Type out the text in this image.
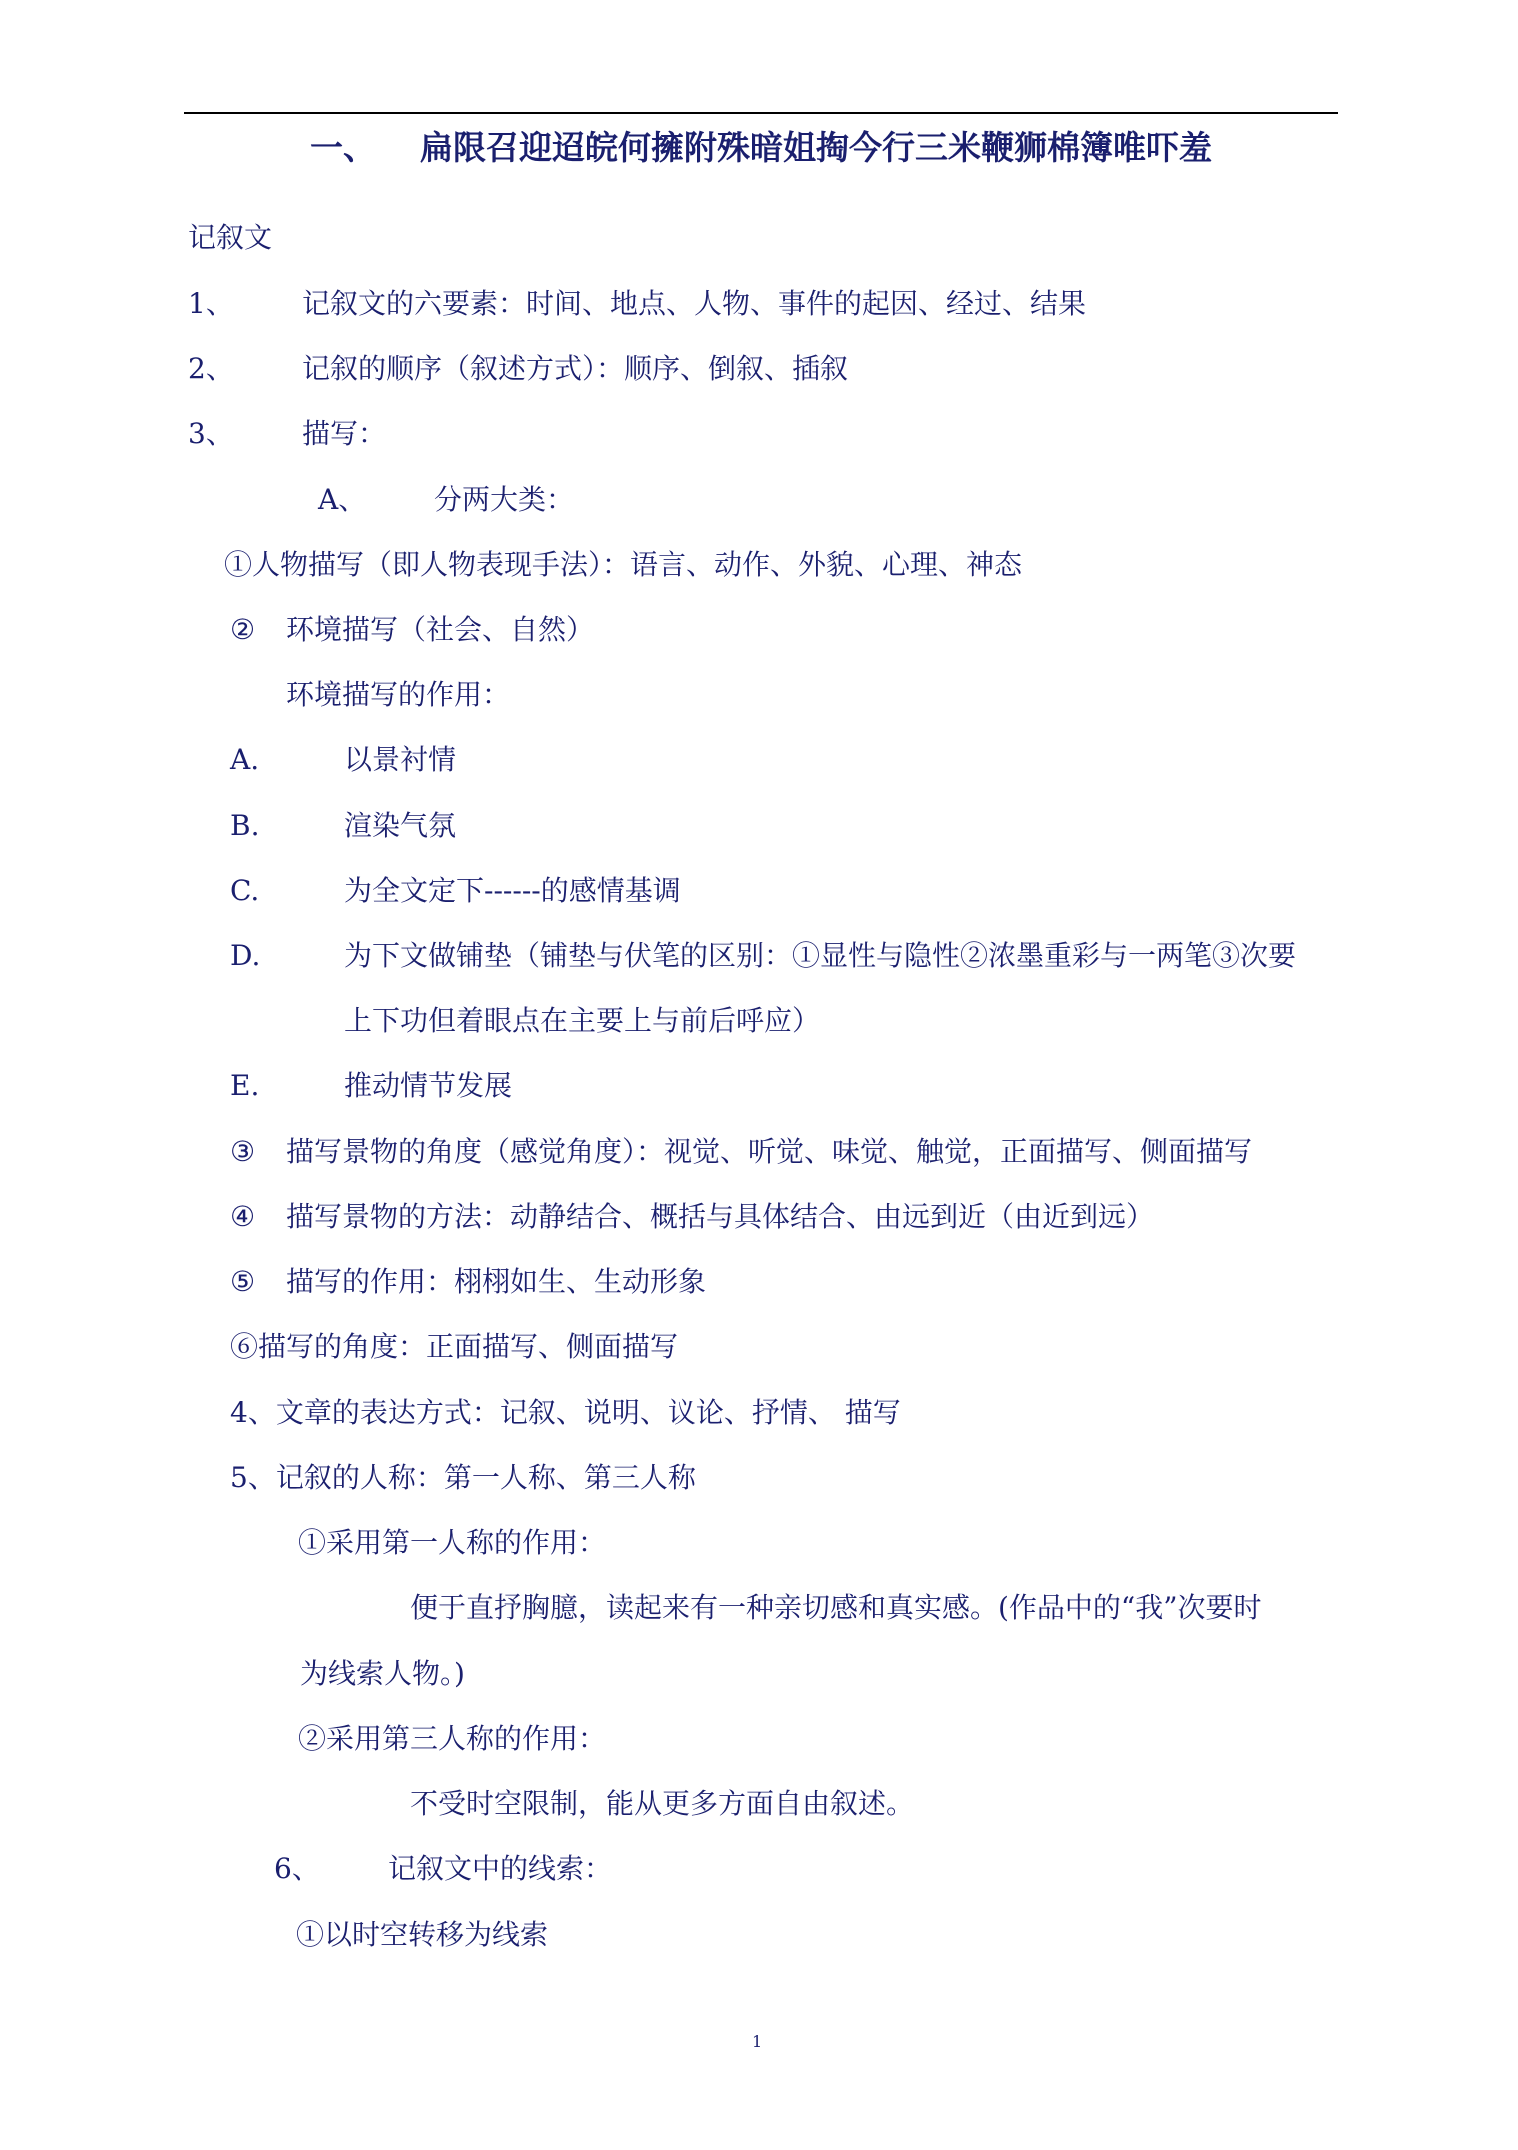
一、 扁限召迎迢皖何擁附殊暗姐掏今行三米鞭狮棉簿唯吓羞
记叙文
1、 记叙文的六要素：时间、地点、人物、事件的起因、经过、结果
2、 记叙的顺序（叙述方式）：顺序、倒叙、插叙
3、 描写：
A、 分两大类：
①人物描写（即人物表现手法）：语言、动作、外貌、心理、神态
② 环境描写（社会、自然）
环境描写的作用：
A.	以景衬情
B.	渲染气氛
C.	为全文定下------的感情基调
D.	为下文做铺垫（铺垫与伏笔的区别：①显性与隐性②浓墨重彩与一两笔③次要
上下功但着眼点在主要上与前后呼应）
E.	推动情节发展
③ 描写景物的角度（感觉角度）：视觉、听觉、味觉、触觉，正面描写、侧面描写
④ 描写景物的方法：动静结合、概括与具体结合、由远到近（由近到远）
⑤ 描写的作用：栩栩如生、生动形象
⑥描写的角度：正面描写、侧面描写
4、文章的表达方式：记叙、说明、议论、抒情、 描写
5、记叙的人称：第一人称、第三人称
①采用第一人称的作用：
便于直抒胸臆，读起来有一种亲切感和真实感。(作品中的“我”次要时
为线索人物。)
②采用第三人称的作用：
不受时空限制，能从更多方面自由叙述。
6、 记叙文中的线索：
①以时空转移为线索
1
